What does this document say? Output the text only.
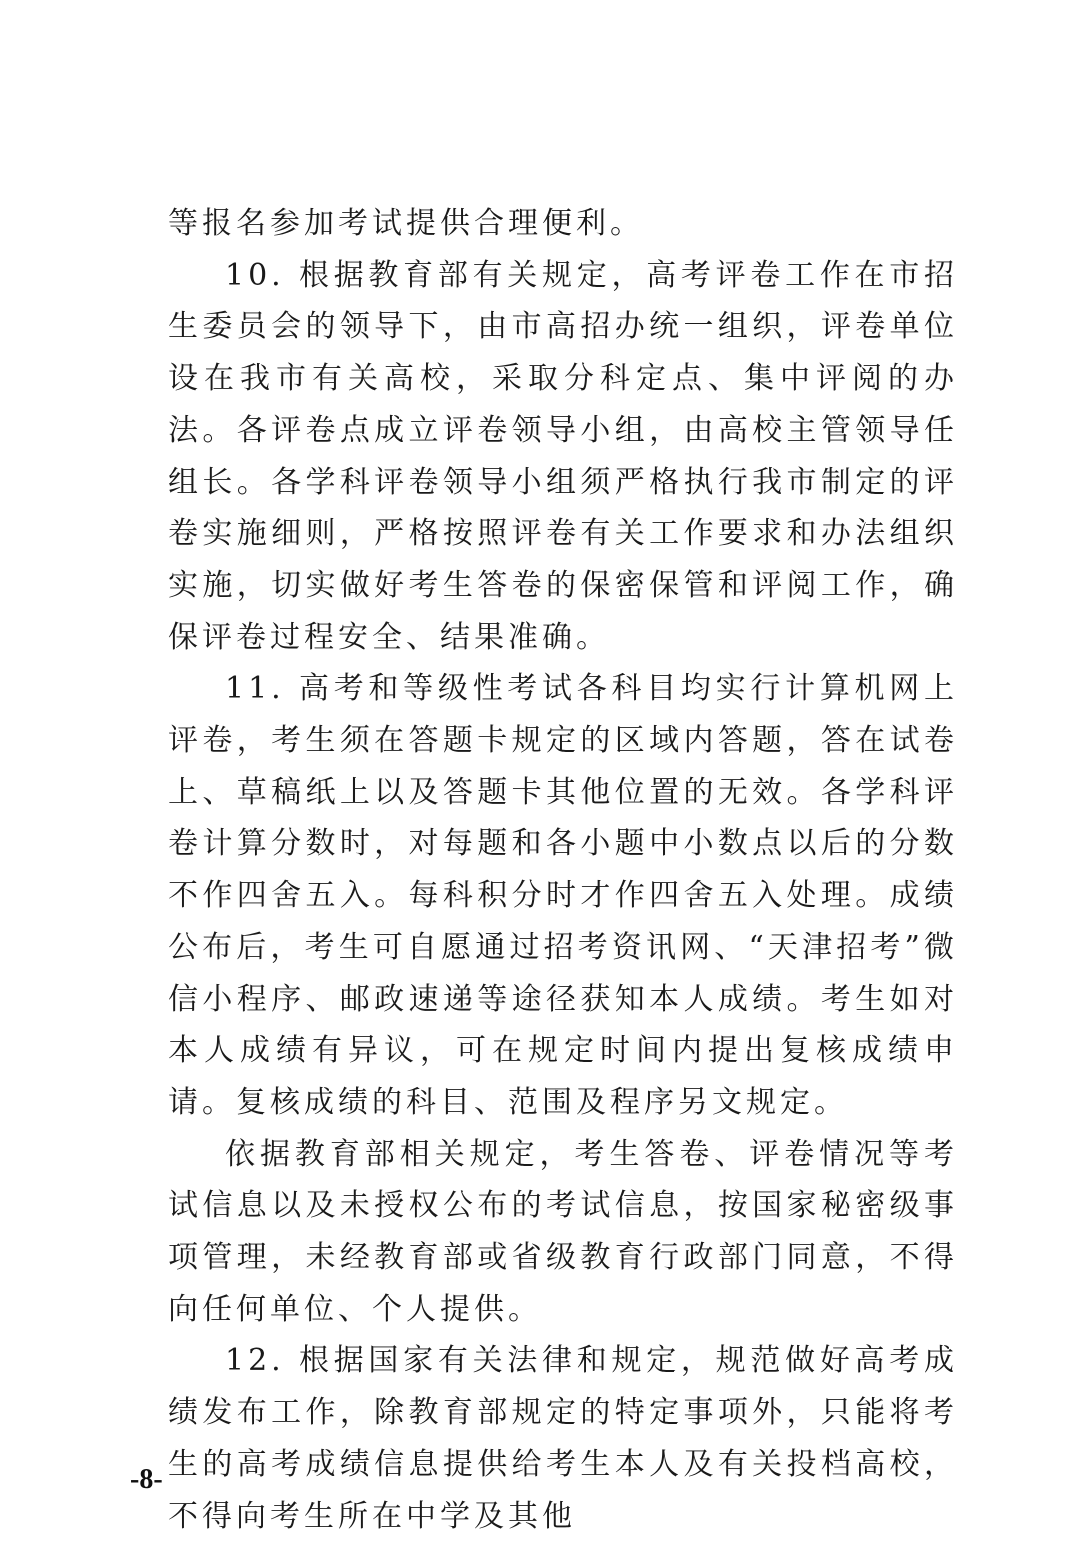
等报名参加考试提供合理便利。

10. 根据教育部有关规定，高考评卷工作在市招生委员会的领导下，由市高招办统一组织，评卷单位设在我市有关高校，采取分科定点、集中评阅的办法。各评卷点成立评卷领导小组，由高校主管领导任组长。各学科评卷领导小组须严格执行我市制定的评卷实施细则，严格按照评卷有关工作要求和办法组织实施，切实做好考生答卷的保密保管和评阅工作，确保评卷过程安全、结果准确。

11. 高考和等级性考试各科目均实行计算机网上评卷，考生须在答题卡规定的区域内答题，答在试卷上、草稿纸上以及答题卡其他位置的无效。各学科评卷计算分数时，对每题和各小题中小数点以后的分数不作四舍五入。每科积分时才作四舍五入处理。成绩公布后，考生可自愿通过招考资讯网、“天津招考”微信小程序、邮政速递等途径获知本人成绩。考生如对本人成绩有异议，可在规定时间内提出复核成绩申请。复核成绩的科目、范围及程序另文规定。

依据教育部相关规定，考生答卷、评卷情况等考试信息以及未授权公布的考试信息，按国家秘密级事项管理，未经教育部或省级教育行政部门同意，不得向任何单位、个人提供。

12. 根据国家有关法律和规定，规范做好高考成绩发布工作，除教育部规定的特定事项外，只能将考生的高考成绩信息提供给考生本人及有关投档高校，不得向考生所在中学及其他

-8-
